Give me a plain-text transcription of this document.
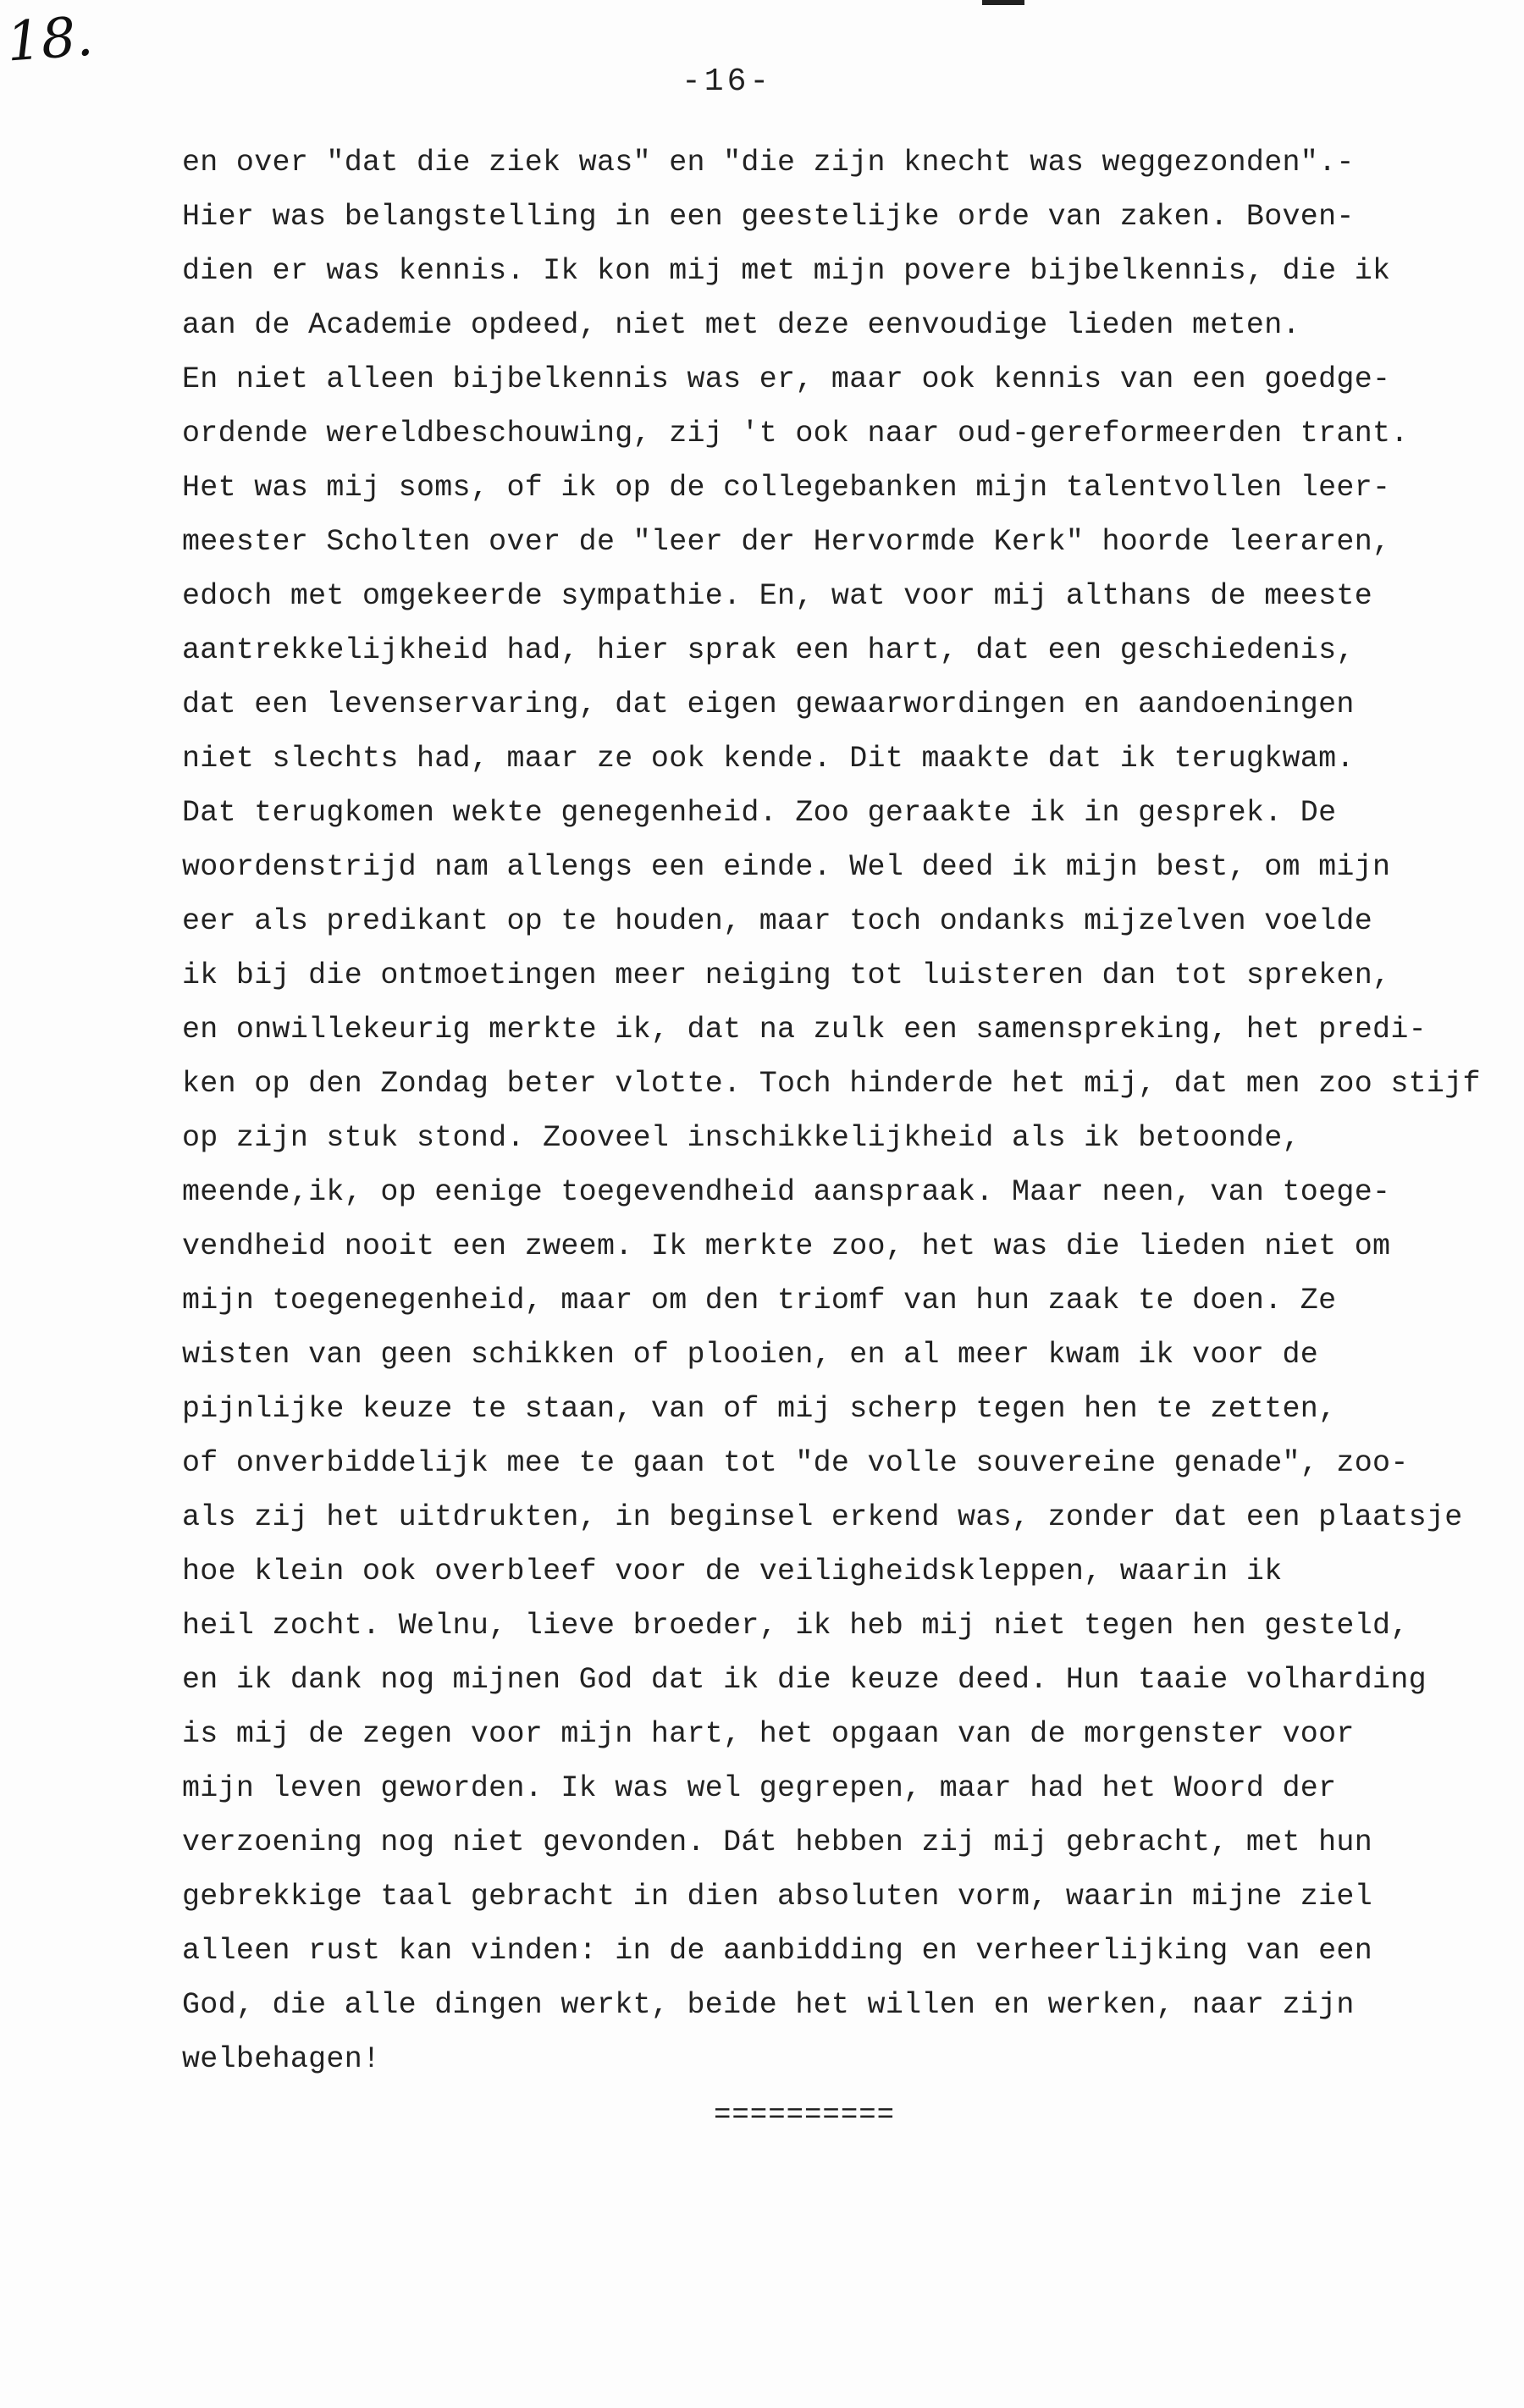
18.
-16-
en over "dat die ziek was" en "die zijn knecht was weggezonden".-
Hier was belangstelling in een geestelijke orde van zaken. Boven-
dien er was kennis. Ik kon mij met mijn povere bijbelkennis, die ik
aan de Academie opdeed, niet met deze eenvoudige lieden meten.
En niet alleen bijbelkennis was er, maar ook kennis van een goedge-
ordende wereldbeschouwing, zij 't ook naar oud-gereformeerden trant.
Het was mij soms, of ik op de collegebanken mijn talentvollen leer-
meester Scholten over de "leer der Hervormde Kerk" hoorde leeraren,
edoch met omgekeerde sympathie. En, wat voor mij althans de meeste
aantrekkelijkheid had, hier sprak een hart, dat een geschiedenis,
dat een levenservaring, dat eigen gewaarwordingen en aandoeningen
niet slechts had, maar ze ook kende. Dit maakte dat ik terugkwam.
Dat terugkomen wekte genegenheid. Zoo geraakte ik in gesprek. De
woordenstrijd nam allengs een einde. Wel deed ik mijn best, om mijn
eer als predikant op te houden, maar toch ondanks mijzelven voelde
ik bij die ontmoetingen meer neiging tot luisteren dan tot spreken,
en onwillekeurig merkte ik, dat na zulk een samenspreking, het predi-
ken op den Zondag beter vlotte. Toch hinderde het mij, dat men zoo stijf
op zijn stuk stond. Zooveel inschikkelijkheid als ik betoonde,
meende,ik, op eenige toegevendheid aanspraak. Maar neen, van toege-
vendheid nooit een zweem. Ik merkte zoo, het was die lieden niet om
mijn toegenegenheid, maar om den triomf van hun zaak te doen. Ze
wisten van geen schikken of plooien, en al meer kwam ik voor de
pijnlijke keuze te staan, van of mij scherp tegen hen te zetten,
of onverbiddelijk mee te gaan tot "de volle souvereine genade", zoo-
als zij het uitdrukten, in beginsel erkend was, zonder dat een plaatsje
hoe klein ook overbleef voor de veiligheidskleppen, waarin ik
heil zocht. Welnu, lieve broeder, ik heb mij niet tegen hen gesteld,
en ik dank nog mijnen God dat ik die keuze deed. Hun taaie volharding
is mij de zegen voor mijn hart, het opgaan van de morgenster voor
mijn leven geworden. Ik was wel gegrepen, maar had het Woord der
verzoening nog niet gevonden. Dát hebben zij mij gebracht, met hun
gebrekkige taal gebracht in dien absoluten vorm, waarin mijne ziel
alleen rust kan vinden: in de aanbidding en verheerlijking van een
God, die alle dingen werkt, beide het willen en werken, naar zijn
welbehagen!
==========
